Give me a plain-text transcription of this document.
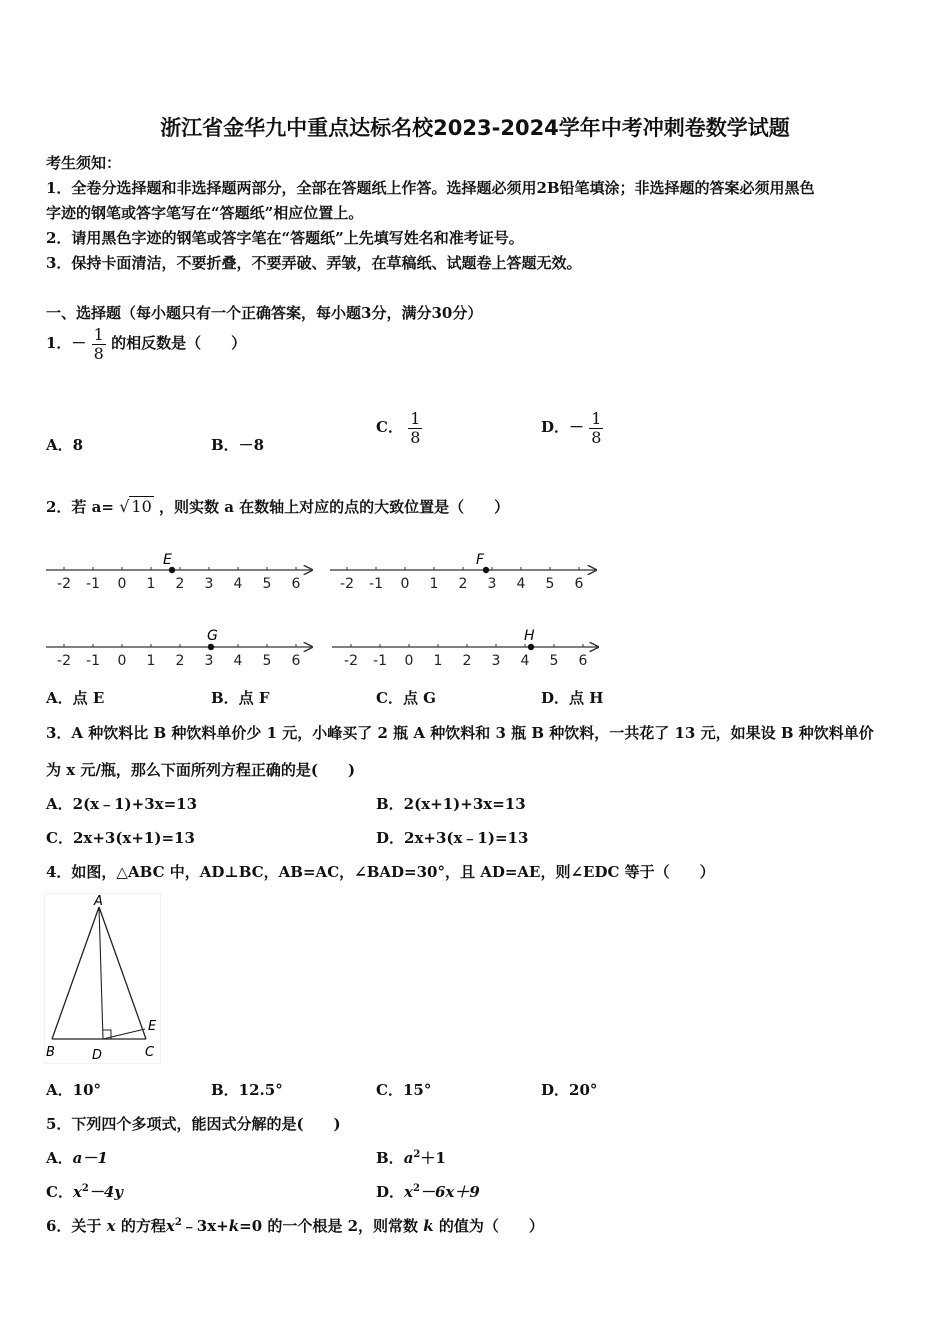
浙江省金华九中重点达标名校2023-2024学年中考冲刺卷数学试题
考生须知：
1．全卷分选择题和非选择题两部分，全部在答题纸上作答。选择题必须用2B铅笔填涂；非选择题的答案必须用黑色
字迹的钢笔或答字笔写在“答题纸”相应位置上。
2．请用黑色字迹的钢笔或答字笔在“答题纸”上先填写姓名和准考证号。
3．保持卡面清洁，不要折叠，不要弄破、弄皱，在草稿纸、试题卷上答题无效。
一、选择题（每小题只有一个正确答案，每小题3分，满分30分）
1．－ $\frac{1}{8}$ 的相反数是（　　）
A．8	B．－8
C． $\frac{1}{8}$	D．－ $\frac{1}{8}$
2．若 a= √ 10 ，则实数 a 在数轴上对应的点的大致位置是（　　）
-2 -1 0 1 2 3 4 5 6
E
-2 -1 0 1 2 3 4 5 6
F
-2 -1 0 1 2 3 4 5 6
G
-2 -1 0 1 2 3 4 5 6
H
A．点 E	B．点 F	C．点 G	D．点 H
3．A 种饮料比 B 种饮料单价少 1 元，小峰买了 2 瓶 A 种饮料和 3 瓶 B 种饮料，一共花了 13 元，如果设 B 种饮料单价
为 x 元/瓶，那么下面所列方程正确的是(　　)
A．2(x﹣1)+3x=13	B．2(x+1)+3x=13
C．2x+3(x+1)=13	D．2x+3(x﹣1)=13
4．如图，△ABC 中，AD⊥BC，AB=AC，∠BAD=30°，且 AD=AE，则∠EDC 等于（　　）
A
B	C
D
E
A．10°	B．12.5°	C．15°	D．20°
5．下列四个多项式，能因式分解的是(　　)
A．a－1	B．$a^2+1$
C．$x^2-4y$	D．$x^2-6x+9$
6．关于 x 的方程$x^2﹣3x+k=0$ 的一个根是 2，则常数 k 的值为（　　）
